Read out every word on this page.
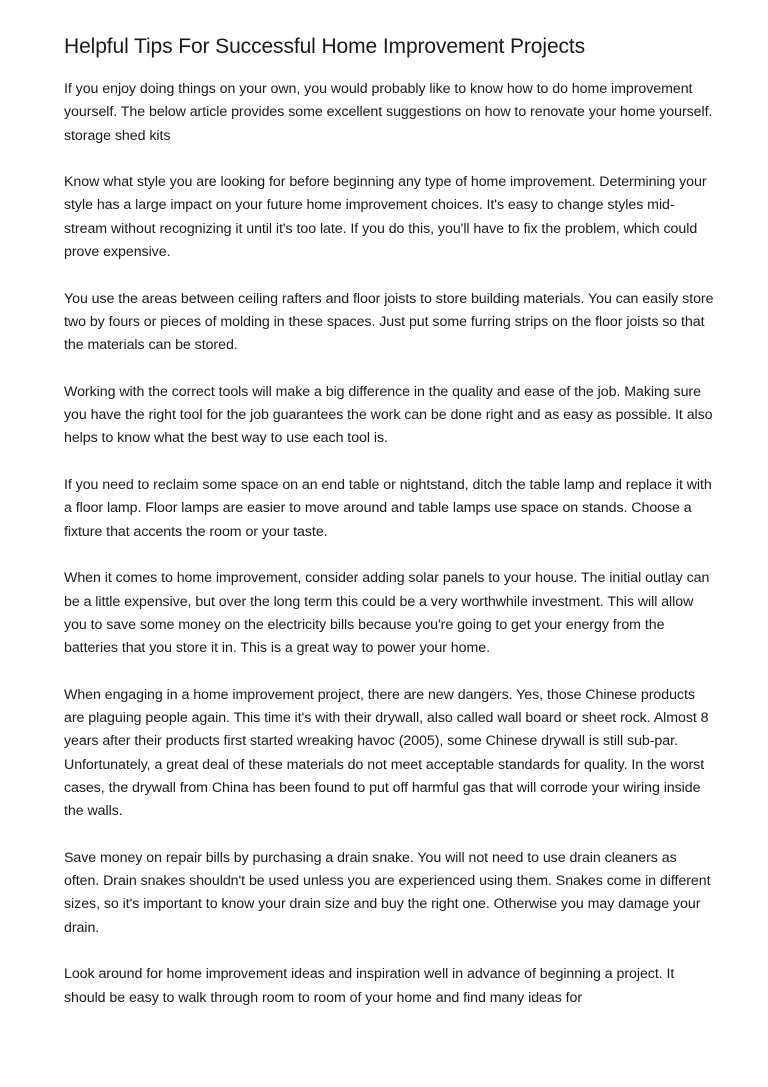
Helpful Tips For Successful Home Improvement Projects

If you enjoy doing things on your own, you would probably like to know how to do home improvement yourself. The below article provides some excellent suggestions on how to renovate your home yourself. storage shed kits

Know what style you are looking for before beginning any type of home improvement. Determining your style has a large impact on your future home improvement choices. It's easy to change styles mid-stream without recognizing it until it's too late. If you do this, you'll have to fix the problem, which could prove expensive.

You use the areas between ceiling rafters and floor joists to store building materials. You can easily store two by fours or pieces of molding in these spaces. Just put some furring strips on the floor joists so that the materials can be stored.

Working with the correct tools will make a big difference in the quality and ease of the job. Making sure you have the right tool for the job guarantees the work can be done right and as easy as possible. It also helps to know what the best way to use each tool is.

If you need to reclaim some space on an end table or nightstand, ditch the table lamp and replace it with a floor lamp. Floor lamps are easier to move around and table lamps use space on stands. Choose a fixture that accents the room or your taste.

When it comes to home improvement, consider adding solar panels to your house. The initial outlay can be a little expensive, but over the long term this could be a very worthwhile investment. This will allow you to save some money on the electricity bills because you're going to get your energy from the batteries that you store it in. This is a great way to power your home.

When engaging in a home improvement project, there are new dangers. Yes, those Chinese products are plaguing people again. This time it's with their drywall, also called wall board or sheet rock. Almost 8 years after their products first started wreaking havoc (2005), some Chinese drywall is still sub-par. Unfortunately, a great deal of these materials do not meet acceptable standards for quality. In the worst cases, the drywall from China has been found to put off harmful gas that will corrode your wiring inside the walls.

Save money on repair bills by purchasing a drain snake. You will not need to use drain cleaners as often. Drain snakes shouldn't be used unless you are experienced using them. Snakes come in different sizes, so it's important to know your drain size and buy the right one. Otherwise you may damage your drain.

Look around for home improvement ideas and inspiration well in advance of beginning a project. It should be easy to walk through room to room of your home and find many ideas for
